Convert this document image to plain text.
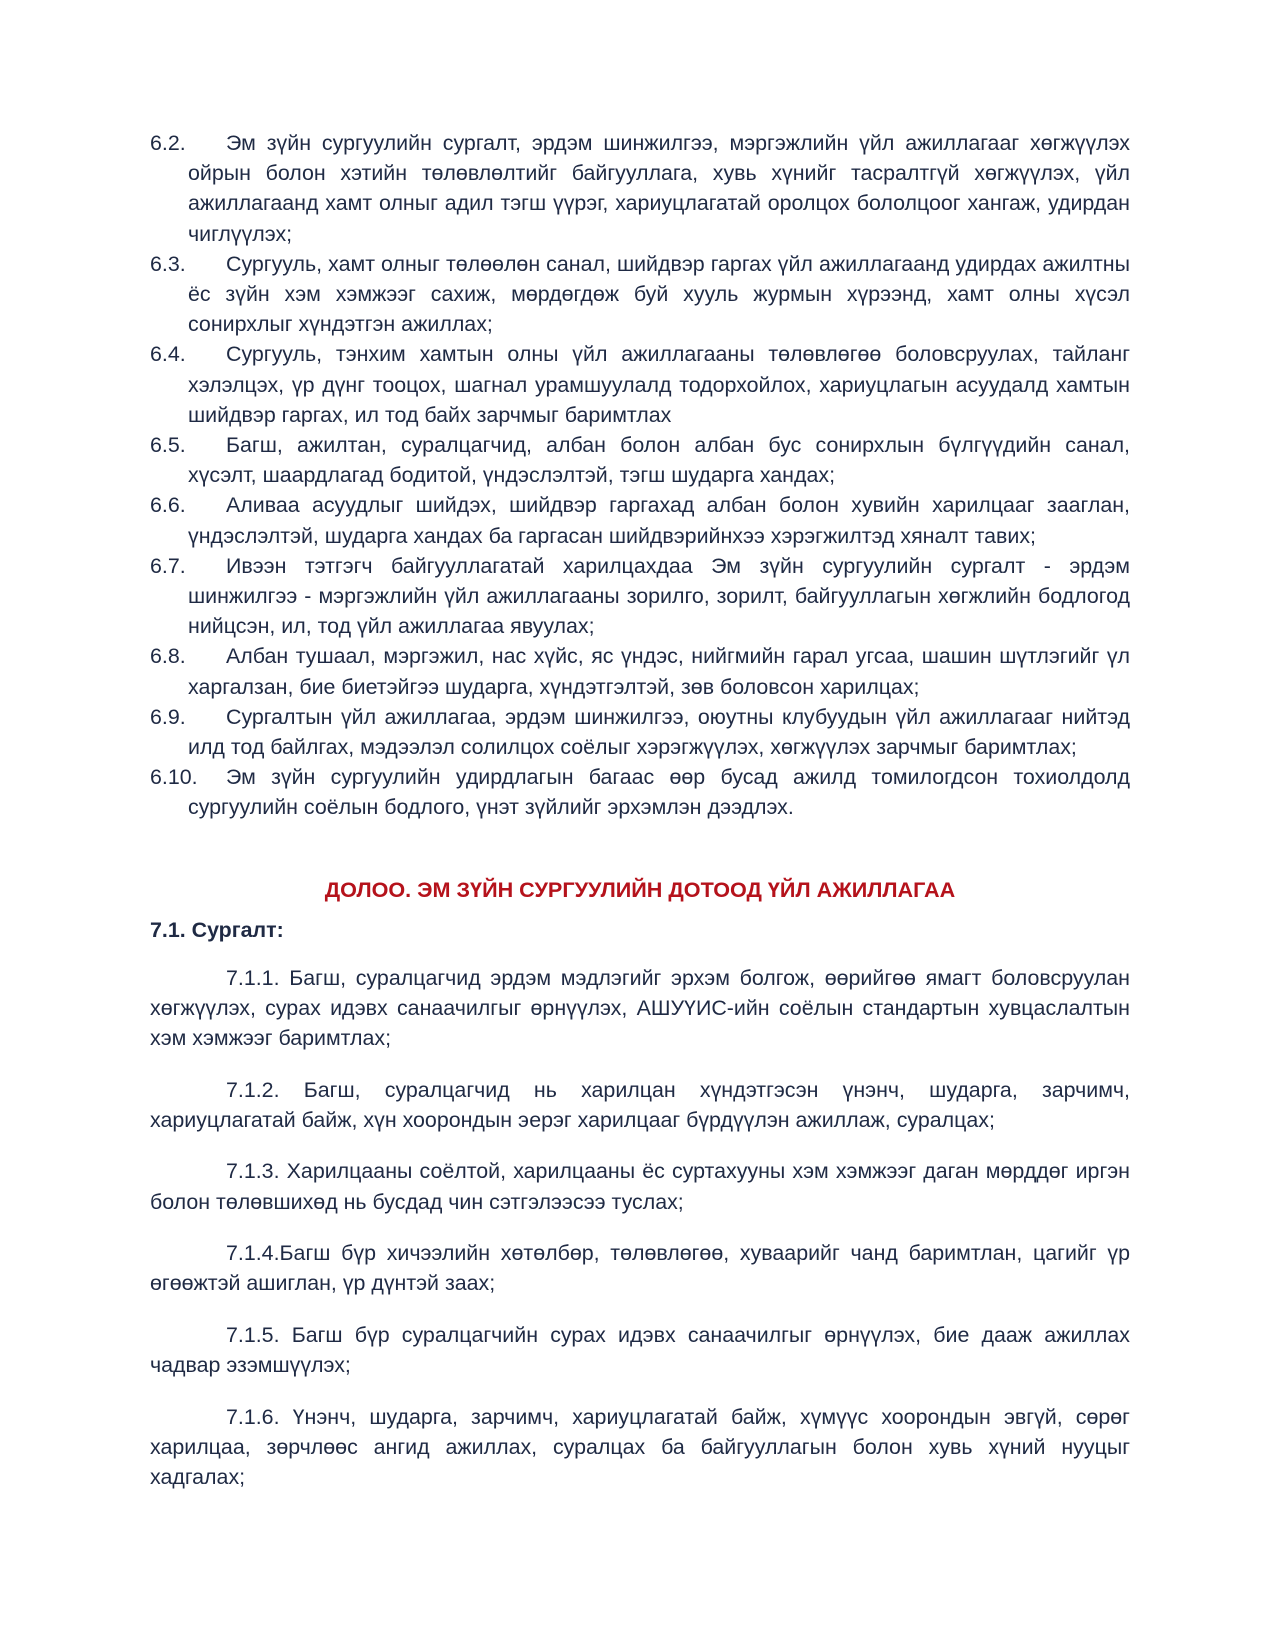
6.2. Эм зүйн сургуулийн сургалт, эрдэм шинжилгээ, мэргэжлийн үйл ажиллагааг хөгжүүлэх ойрын болон хэтийн төлөвлөлтийг байгууллага, хувь хүнийг тасралтгүй хөгжүүлэх, үйл ажиллагаанд хамт олныг адил тэгш үүрэг, хариуцлагатай оролцох бололцоог хангаж, удирдан чиглүүлэх;

6.3. Сургууль, хамт олныг төлөөлөн санал, шийдвэр гаргах үйл ажиллагаанд удирдах ажилтны ёс зүйн хэм хэмжээг сахиж, мөрдөгдөж буй хууль журмын хүрээнд, хамт олны хүсэл сонирхлыг хүндэтгэн ажиллах;

6.4. Сургууль, тэнхим хамтын олны үйл ажиллагааны төлөвлөгөө боловсруулах, тайланг хэлэлцэх, үр дүнг тооцох, шагнал урамшуулалд тодорхойлох, хариуцлагын асуудалд хамтын шийдвэр гаргах, ил тод байх зарчмыг баримтлах

6.5. Багш, ажилтан, суралцагчид, албан болон албан бус сонирхлын бүлгүүдийн санал, хүсэлт, шаардлагад бодитой, үндэслэлтэй, тэгш шударга хандах;

6.6. Аливаа асуудлыг шийдэх, шийдвэр гаргахад албан болон хувийн харилцааг зааглан, үндэслэлтэй, шударга хандах ба гаргасан шийдвэрийнхээ хэрэгжилтэд хяналт тавих;

6.7. Ивээн тэтгэгч байгууллагатай харилцахдаа Эм зүйн сургуулийн сургалт - эрдэм шинжилгээ - мэргэжлийн үйл ажиллагааны зорилго, зорилт, байгууллагын хөгжлийн бодлогод нийцсэн, ил, тод үйл ажиллагаа явуулах;

6.8. Албан тушаал, мэргэжил, нас хүйс, яс үндэс, нийгмийн гарал угсаа, шашин шүтлэгийг үл харгалзан, бие биетэйгээ шударга, хүндэтгэлтэй, зөв боловсон харилцах;

6.9. Сургалтын үйл ажиллагаа, эрдэм шинжилгээ, оюутны клубуудын үйл ажиллагааг нийтэд илд тод байлгах, мэдээлэл солилцох соёлыг хэрэгжүүлэх, хөгжүүлэх зарчмыг баримтлах;

6.10. Эм зүйн сургуулийн удирдлагын багаас өөр бусад ажилд томилогдсон тохиолдолд сургуулийн соёлын бодлого, үнэт зүйлийг эрхэмлэн дээдлэх.

ДОЛОО. ЭМ ЗҮЙН СУРГУУЛИЙН ДОТООД ҮЙЛ АЖИЛЛАГАА
7.1. Сургалт:

7.1.1. Багш, суралцагчид эрдэм мэдлэгийг эрхэм болгож, өөрийгөө ямагт боловсруулан хөгжүүлэх, сурах идэвх санаачилгыг өрнүүлэх, АШУҮИС-ийн соёлын стандартын хувцаслалтын хэм хэмжээг баримтлах;

7.1.2. Багш, суралцагчид нь харилцан хүндэтгэсэн үнэнч, шударга, зарчимч, хариуцлагатай байж, хүн хоорондын эерэг харилцааг бүрдүүлэн ажиллаж, суралцах;

7.1.3. Харилцааны соёлтой, харилцааны ёс суртахууны хэм хэмжээг даган мөрддөг иргэн болон төлөвшихөд нь бусдад чин сэтгэлээсээ туслах;

7.1.4.Багш бүр хичээлийн хөтөлбөр, төлөвлөгөө, хуваарийг чанд баримтлан, цагийг үр өгөөжтэй ашиглан, үр дүнтэй заах;

7.1.5. Багш бүр суралцагчийн сурах идэвх санаачилгыг өрнүүлэх, бие дааж ажиллах чадвар эзэмшүүлэх;

7.1.6. Үнэнч, шударга, зарчимч, хариуцлагатай байж, хүмүүс хоорондын эвгүй, сөрөг харилцаа, зөрчлөөс ангид ажиллах, суралцах ба байгууллагын болон хувь хүний нууцыг хадгалах;
